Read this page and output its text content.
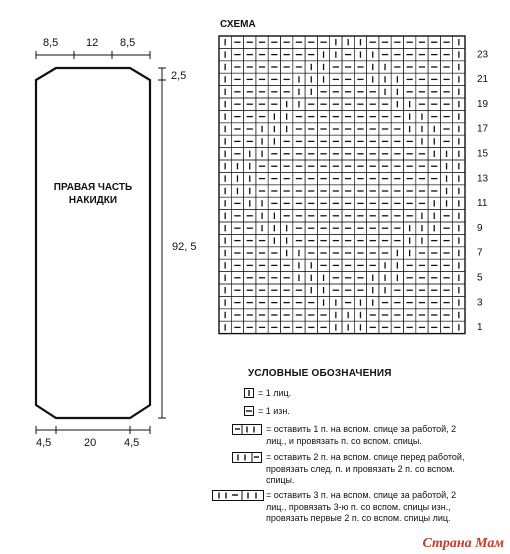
8,5	12 8,5
ПРАВАЯ ЧАСТЬ
НАКИДКИ
2,5
92, 5
4,5	20	4,5
СХЕМА
23
21
19
17
15
13
11
9
7
5
3
1
УСЛОВНЫЕ ОБОЗНАЧЕНИЯ
= 1 лиц.
= 1 изн.
= оставить 1 п. на вспом. спице за работой, 2 лиц., и провязать п. со вспом. спицы.
= оставить 2 п. на вспом. спице перед работой, провязать след. п. и провязать 2 п. со вспом. спицы.
= оставить 3 п. на вспом. спице за работой, 2 лиц., провязать 3-ю п. со вспом. спицы изн., провязать первые 2 п. со вспом. спицы лиц.
Страна Мам
